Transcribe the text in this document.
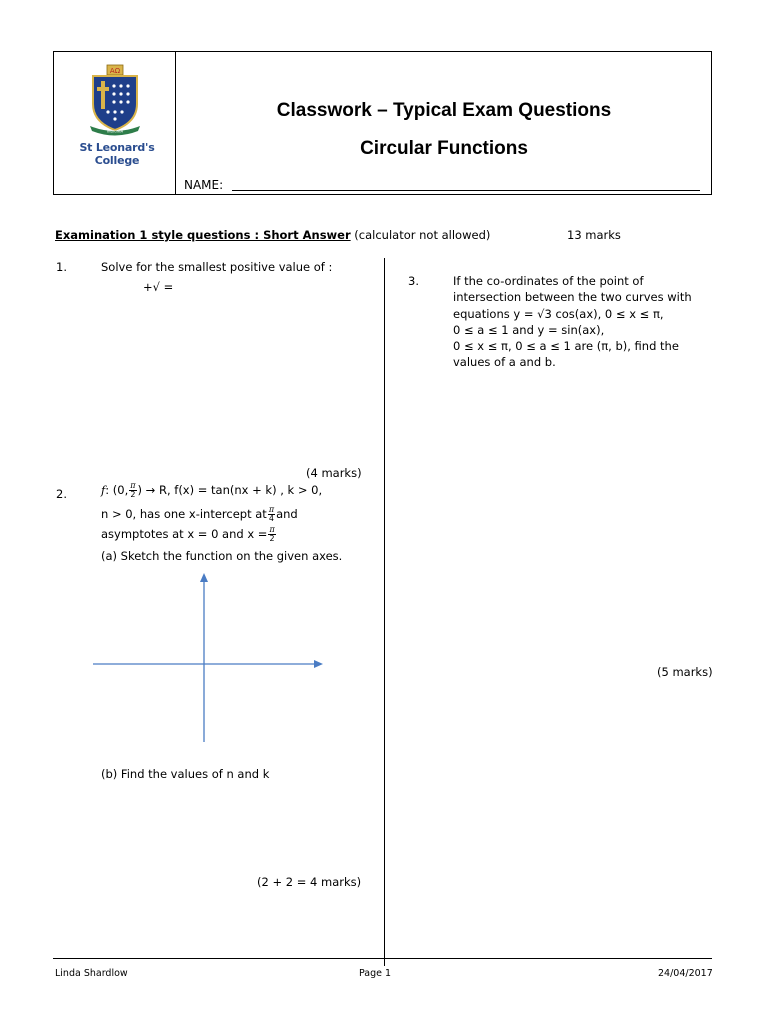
ΑΩ
INSIGNIA
St Leonard's College
Classwork – Typical Exam Questions
Circular Functions
NAME:
Examination 1 style questions : Short Answer (calculator not allowed)	13 marks
1.	Solve for the smallest positive value of :
+√ =
(4 marks)
2.	f: (0, $\frac{\pi}{2}$ ) → R, f(x) = tan(nx + k) , k > 0,
n > 0, has one x-intercept at $\frac{\pi}{4}$ and
asymptotes at x = 0 and $x = \frac{\pi}{2}$
(a) Sketch the function on the given axes.
(b) Find the values of n and k
(2 + 2 = 4 marks)
3.	If the co-ordinates of the point of
intersection between the two curves with
equations y = √3 cos(ax), 0 ≤ x ≤ π,
0 ≤ a ≤ 1 and y = sin(ax),
0 ≤ x ≤ π, 0 ≤ a ≤ 1 are (π, b), find the
values of a and b.
(5 marks)
Linda Shardlow	Page 1	24/04/2017
